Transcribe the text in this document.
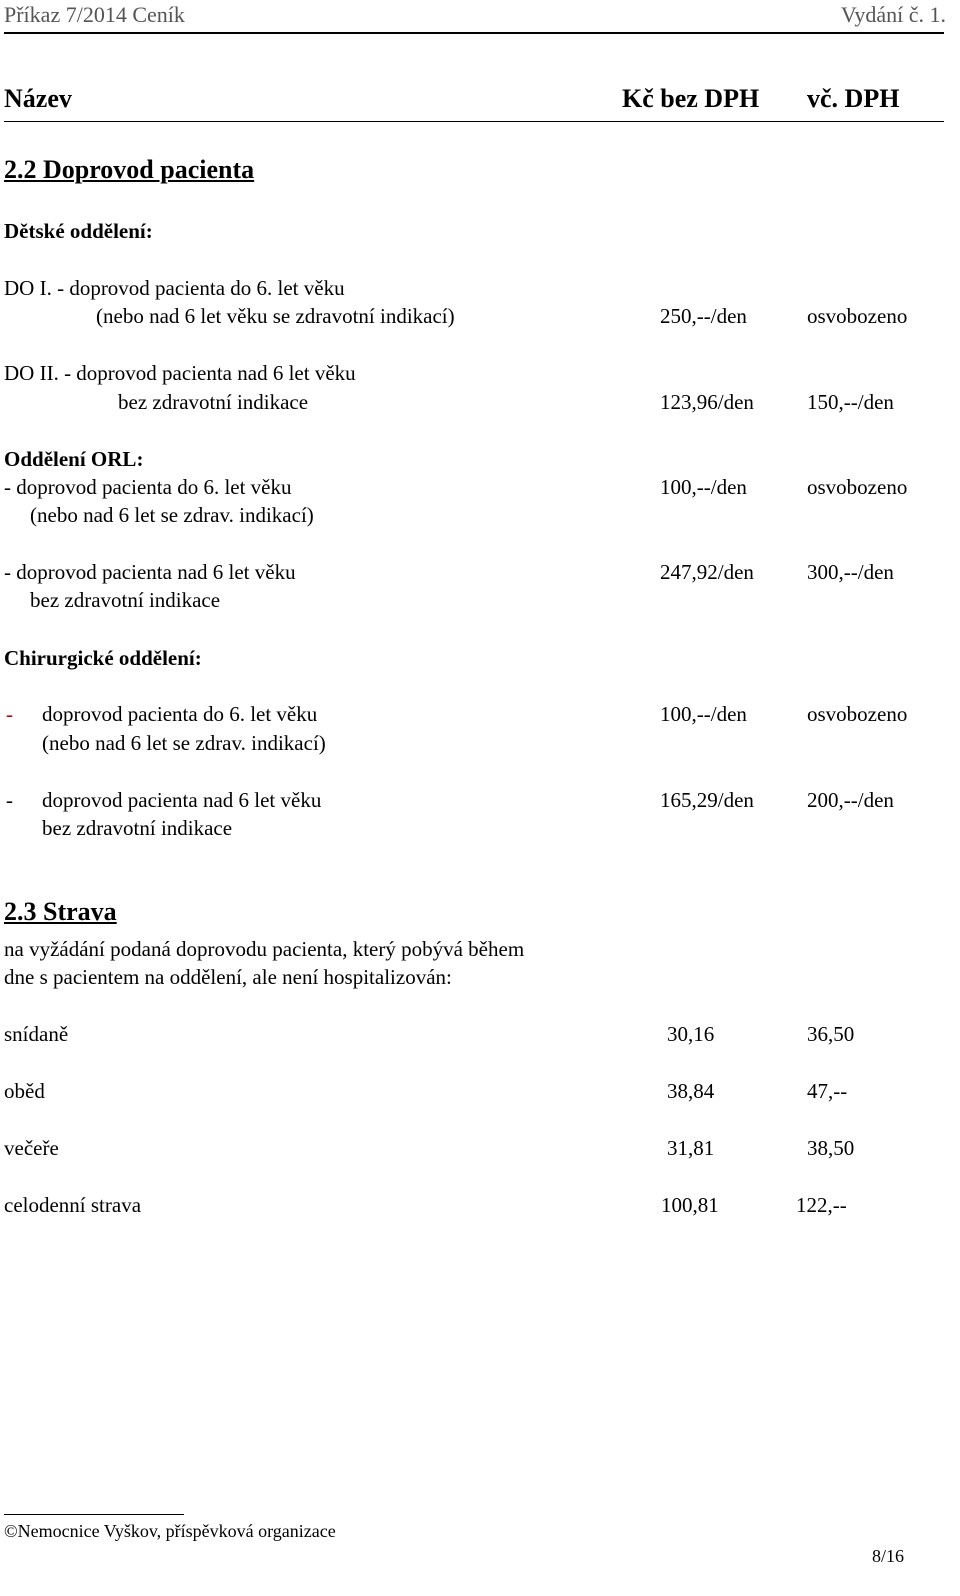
Příkaz 7/2014 Ceník	Vydání č. 1.
Název	Kč bez DPH vč. DPH
2.2 Doprovod pacienta
Dětské oddělení:
DO I. - doprovod pacienta do 6. let věku
(nebo nad 6 let věku se zdravotní indikací)	250,--/den	osvobozeno
DO II. - doprovod pacienta nad 6 let věku
bez zdravotní indikace	123,96/den	150,--/den
Oddělení ORL:
- doprovod pacienta do 6. let věku	100,--/den	osvobozeno
(nebo nad 6 let se zdrav. indikací)
- doprovod pacienta nad 6 let věku	247,92/den	300,--/den
bez zdravotní indikace
Chirurgické oddělení:
- doprovod pacienta do 6. let věku	100,--/den	osvobozeno
(nebo nad 6 let se zdrav. indikací)
- doprovod pacienta nad 6 let věku	165,29/den	200,--/den
bez zdravotní indikace
2.3 Strava
na vyžádání podaná doprovodu pacienta, který pobývá během
dne s pacientem na oddělení, ale není hospitalizován:
snídaně	30,16	36,50
oběd	38,84	47,--
večeře	31,81	38,50
celodenní strava	100,81	122,--
©Nemocnice Vyškov, příspěvková organizace
8/16
